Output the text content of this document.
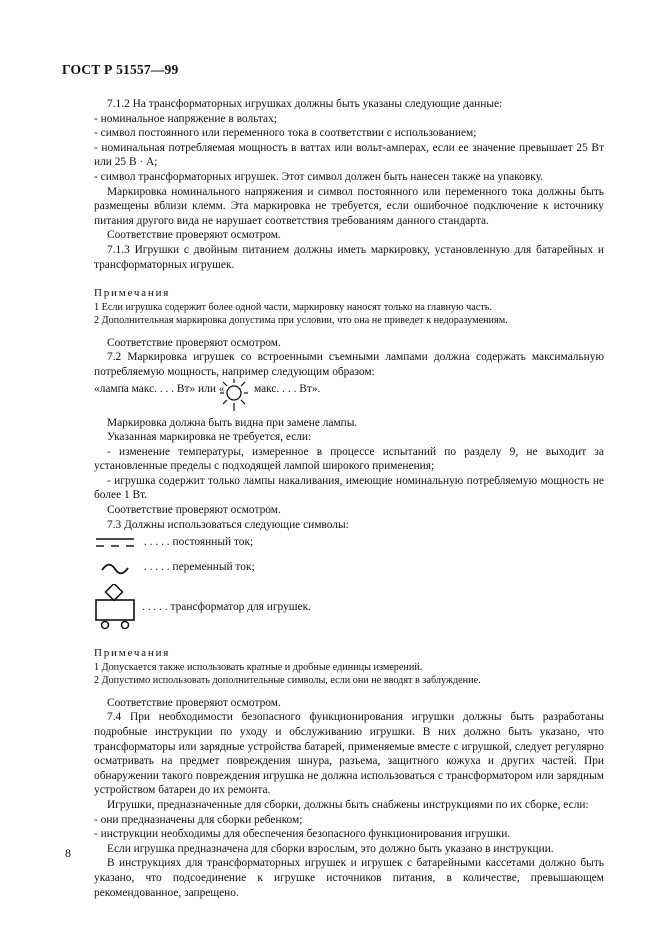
ГОСТ Р 51557—99

7.1.2 На трансформаторных игрушках должны быть указаны следующие данные:

- номинальное напряжение в вольтах;

- символ постоянного или переменного тока в соответствии с использованием;

- номинальная потребляемая мощность в ваттах или вольт-амперах, если ее значение превышает 25 Вт или 25 В · А;

- символ трансформаторных игрушек. Этот символ должен быть нанесен также на упаковку.

Маркировка номинального напряжения и символ постоянного или переменного тока должны быть размещены вблизи клемм. Эта маркировка не требуется, если ошибочное подключение к источнику питания другого вида не нарушает соответствия требованиям данного стандарта.

Соответствие проверяют осмотром.

7.1.3 Игрушки с двойным питанием должны иметь маркировку, установленную для батарейных и трансформаторных игрушек.

Примечания

1 Если игрушка содержит более одной части, маркировку наносят только на главную часть.

2 Дополнительная маркировка допустима при условии, что она не приведет к недоразумениям.

Соответствие проверяют осмотром.

7.2 Маркировка игрушек со встроенными съемными лампами должна содержать максимальную потребляемую мощность, например следующим образом:

«лампа макс. . . . Вт» или «	макс. . . . Вт».

Маркировка должна быть видна при замене лампы.

Указанная маркировка не требуется, если:

- изменение температуры, измеренное в процессе испытаний по разделу 9, не выходит за установленные пределы с подходящей лампой широкого применения;

- игрушка содержит только лампы накаливания, имеющие номинальную потребляемую мощность не более 1 Вт.

Соответствие проверяют осмотром.

7.3 Должны использоваться следующие символы:

. . . . . постоянный ток;
. . . . . переменный ток;
. . . . . трансформатор для игрушек.

Примечания

1 Допускается также использовать кратные и дробные единицы измерений.

2 Допустимо использовать дополнительные символы, если они не вводят в заблуждение.

Соответствие проверяют осмотром.

7.4 При необходимости безопасного функционирования игрушки должны быть разработаны подробные инструкции по уходу и обслуживанию игрушки. В них должно быть указано, что трансформаторы или зарядные устройства батарей, применяемые вместе с игрушкой, следует регулярно осматривать на предмет повреждения шнура, разъема, защитного кожуха и других частей. При обнаружении такого повреждения игрушка не должна использоваться с трансформатором или зарядным устройством батареи до их ремонта.

Игрушки, предназначенные для сборки, должны быть снабжены инструкциями по их сборке, если:

- они предназначены для сборки ребенком;

- инструкции необходимы для обеспечения безопасного функционирования игрушки.

Если игрушка предназначена для сборки взрослым, это должно быть указано в инструкции.

В инструкциях для трансформаторных игрушек и игрушек с батарейными кассетами должно быть указано, что подсоединение к игрушке источников питания, в количестве, превышающем рекомендованное, запрещено.

8
